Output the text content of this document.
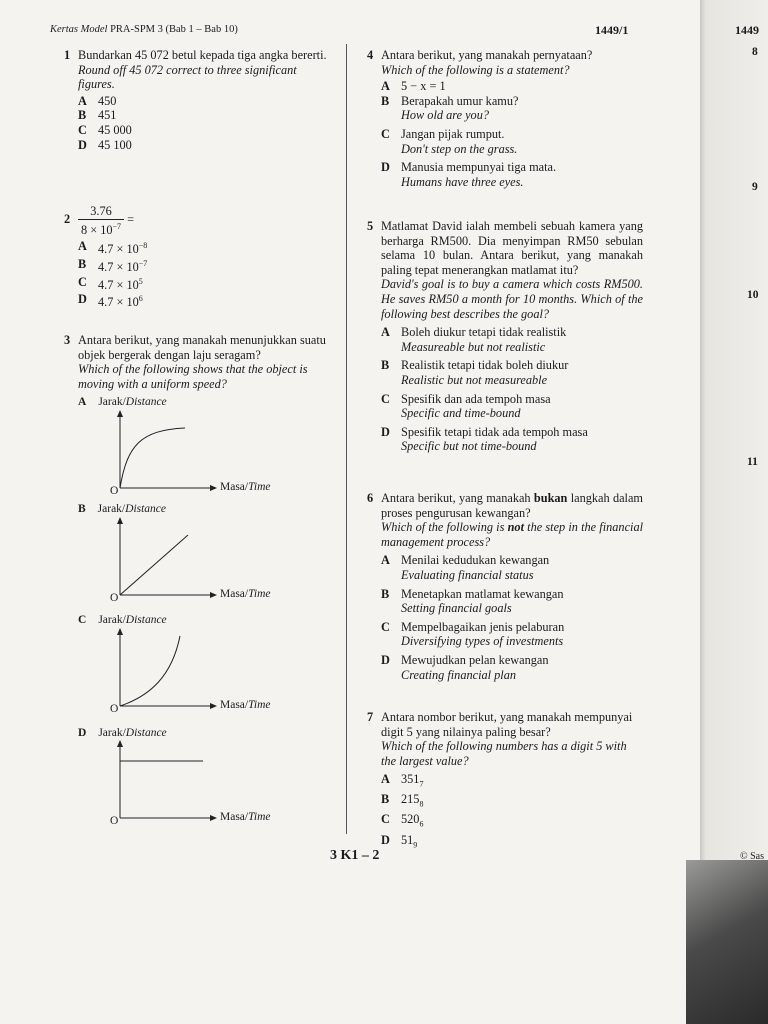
Kertas Model PRA-SPM 3 (Bab 1 – Bab 10)	1449/1	1449
8
9
10
11
1 Bundarkan 45 072 betul kepada tiga angka bererti.

Round off 45 072 correct to three significant figures.

A 450
B 451
C 45 000
D 45 100
$2 \frac{3.76}{8 \times 10^{-7}}$ =
A $4.7 \times 10^{-8}$
B $4.7 \times 10^{-7}$
C $4.7 \times 10^5$
D $4.7 \times 10^6$
3 Antara berikut, yang manakah menunjukkan suatu objek bergerak dengan laju seragam?

Which of the following shows that the object is moving with a uniform speed?

A Jarak/Distance
O	Masa/Time
B Jarak/Distance
O	Masa/Time
C Jarak/Distance
O	Masa/Time
D Jarak/Distance
O	Masa/Time
4 Antara berikut, yang manakah pernyataan?

Which of the following is a statement?

A 5 − x = 1
B Berapakah umur kamu?
How old are you?
C Jangan pijak rumput.
Don't step on the grass.
D Manusia mempunyai tiga mata.
Humans have three eyes.
5 Matlamat David ialah membeli sebuah kamera yang berharga RM500. Dia menyimpan RM50 sebulan selama 10 bulan. Antara berikut, yang manakah paling tepat menerangkan matlamat itu?

David's goal is to buy a camera which costs RM500. He saves RM50 a month for 10 months. Which of the following best describes the goal?

A Boleh diukur tetapi tidak realistik
Measureable but not realistic
B Realistik tetapi tidak boleh diukur
Realistic but not measureable
C Spesifik dan ada tempoh masa
Specific and time-bound
D Spesifik tetapi tidak ada tempoh masa
Specific but not time-bound
6 Antara berikut, yang manakah bukan langkah dalam proses pengurusan kewangan?

Which of the following is not the step in the financial management process?

A Menilai kedudukan kewangan
Evaluating financial status
B Menetapkan matlamat kewangan
Setting financial goals
C Mempelbagaikan jenis pelaburan
Diversifying types of investments
D Mewujudkan pelan kewangan
Creating financial plan
7 Antara nombor berikut, yang manakah mempunyai digit 5 yang nilainya paling besar?

Which of the following numbers has a digit 5 with the largest value?

A $351_7$
B $215_8$
C $520_6$
D $51_9$
3 K1 – 2	© Sas
